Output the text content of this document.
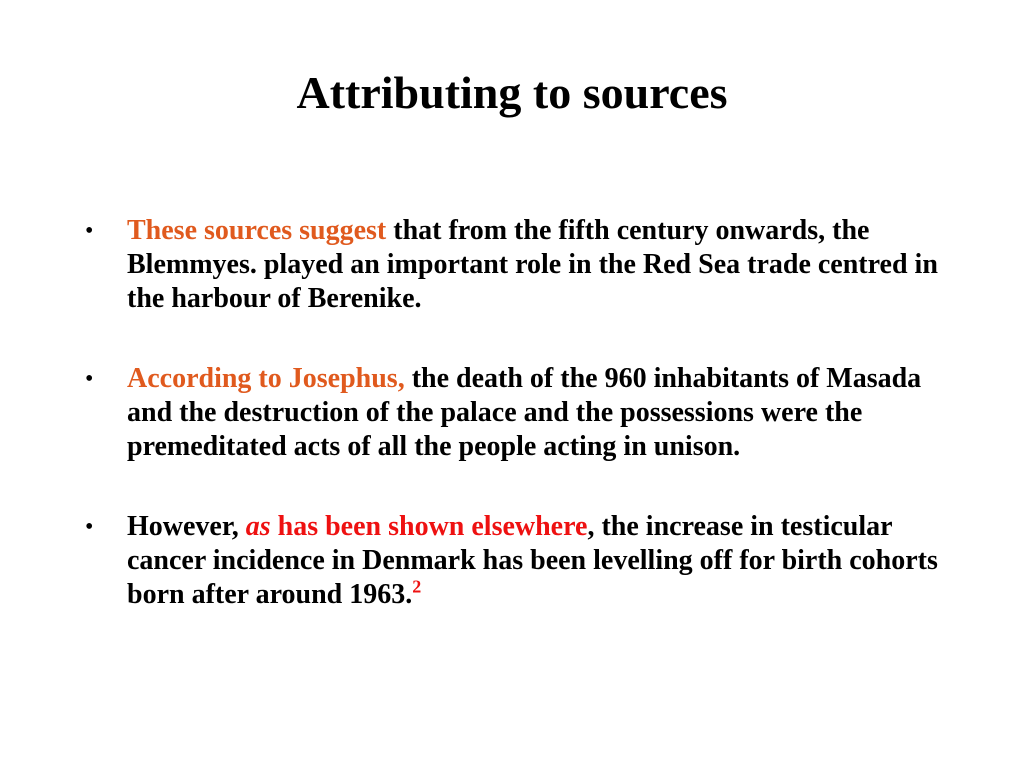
Attributing to sources
• These sources suggest that from the fifth century onwards, the Blemmyes. played an important role in the Red Sea trade centred in the harbour of Berenike.
• According to Josephus, the death of the 960 inhabitants of Masada and the destruction of the palace and the possessions were the premeditated acts of all the people acting in unison.
• However, as has been shown elsewhere, the increase in testicular cancer incidence in Denmark has been levelling off for birth cohorts born after around 1963.$^2$
